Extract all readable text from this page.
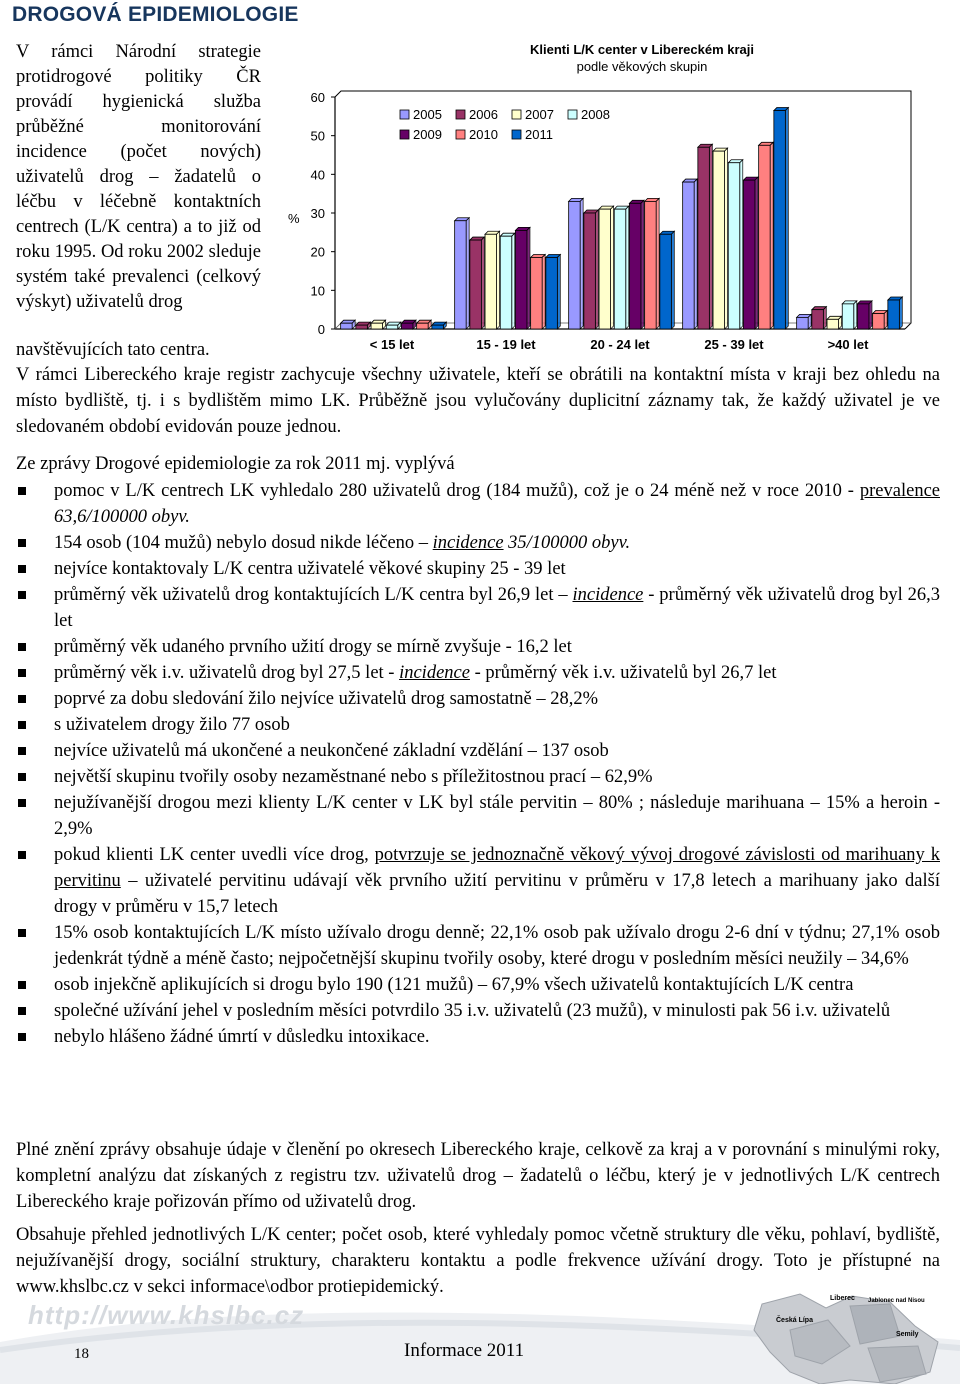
DROGOVÁ EPIDEMIOLOGIE
V rámci Národní strategie protidrogové politiky ČR provádí hygienická služba průběžné monitorování incidence (počet nových) uživatelů drog – žadatelů o léčbu v léčebně kontaktních centrech (L/K centra) a to již od roku 1995. Od roku 2002 sleduje systém také prevalenci (celkový výskyt) uživatelů drog
navštěvujících tato centra.
Klienti L/K center v Libereckém kraji
podle věkových skupin
%
2005 2006 2007 2008
2009 2010 2011
0
10
20
30
40
50
60
< 15 let	15 - 19 let	20 - 24 let	25 - 39 let	>40 let
V rámci Libereckého kraje registr zachycuje všechny uživatele, kteří se obrátili na kontaktní místa v kraji bez ohledu na místo bydliště, tj. i s bydlištěm mimo LK. Průběžně jsou vylučovány duplicitní záznamy tak, že každý uživatel je ve sledovaném období evidován pouze jednou.
Ze zprávy Drogové epidemiologie za rok 2011 mj. vyplývá
pomoc v L/K centrech LK vyhledalo 280 uživatelů drog (184 mužů), což je o 24 méně než v roce 2010 - prevalence 63,6/100000 obyv.
154 osob (104 mužů) nebylo dosud nikde léčeno – incidence 35/100000 obyv.
nejvíce kontaktovaly L/K centra uživatelé věkové skupiny 25 - 39 let
průměrný věk uživatelů drog kontaktujících L/K centra byl 26,9 let – incidence - průměrný věk uživatelů drog byl 26,3 let
průměrný věk udaného prvního užití drogy se mírně zvyšuje - 16,2 let
průměrný věk i.v. uživatelů drog byl 27,5 let - incidence - průměrný věk i.v. uživatelů byl 26,7 let
poprvé za dobu sledování žilo nejvíce uživatelů drog samostatně – 28,2%
s uživatelem drogy žilo 77 osob
nejvíce uživatelů má ukončené a neukončené základní vzdělání – 137 osob
největší skupinu tvořily osoby nezaměstnané nebo s příležitostnou prací – 62,9%
nejužívanější drogou mezi klienty L/K center v LK byl stále pervitin – 80% ; následuje marihuana – 15% a heroin - 2,9%
pokud klienti LK center uvedli více drog, potvrzuje se jednoznačně věkový vývoj drogové závislosti od marihuany k pervitinu – uživatelé pervitinu udávají věk prvního užití pervitinu v průměru v 17,8 letech a marihuany jako další drogy v průměru v 15,7 letech
15% osob kontaktujících L/K místo užívalo drogu denně; 22,1% osob pak užívalo drogu 2-6 dní v týdnu; 27,1% osob jedenkrát týdně a méně často; nejpočetnější skupinu tvořily osoby, které drogu v posledním měsíci neužily – 34,6%
osob injekčně aplikujících si drogu bylo 190 (121 mužů) – 67,9% všech uživatelů kontaktujících L/K centra
společné užívání jehel v posledním měsíci potvrdilo 35 i.v. uživatelů (23 mužů), v minulosti pak 56 i.v. uživatelů
nebylo hlášeno žádné úmrtí v důsledku intoxikace.
Plné znění zprávy obsahuje údaje v členění po okresech Libereckého kraje, celkově za kraj a v porovnání s minulými roky, kompletní analýzu dat získaných z registru tzv. uživatelů drog – žadatelů o léčbu, který je v jednotlivých L/K centrech Libereckého kraje pořizován přímo od uživatelů drog.
Obsahuje přehled jednotlivých L/K center; počet osob, které vyhledaly pomoc včetně struktury dle věku, pohlaví, bydliště, nejužívanější drogy, sociální struktury, charakteru kontaktu a podle frekvence užívání drogy. Toto je přístupné na www.khslbc.cz v sekci informace\odbor protiepidemický.
Liberec Jablonec nad Nisou
Česká Lípa
Semily
http://www.khslbc.cz
18	Informace 2011
